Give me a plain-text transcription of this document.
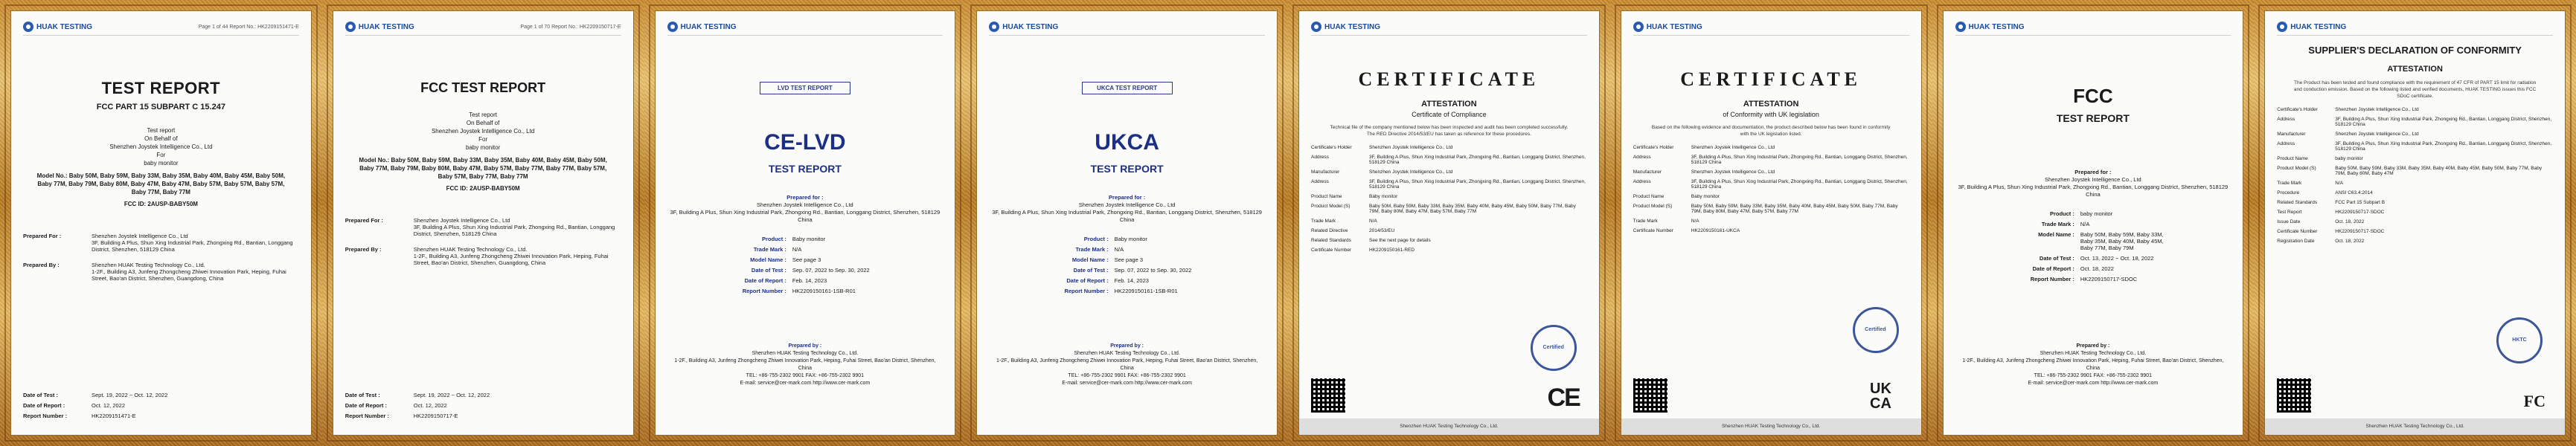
HUAK TESTING	Page 1 of 44 Report No.: HK2209151471-E
TEST REPORT
FCC PART 15 SUBPART C 15.247
Test report
On Behalf of
Shenzhen Joystek Intelligence Co., Ltd
For
baby monitor
Model No.: Baby 50M, Baby 59M, Baby 33M, Baby 35M, Baby 40M, Baby 45M, Baby 50M, Baby 77M, Baby 79M, Baby 80M, Baby 47M, Baby 47M, Baby 57M, Baby 57M, Baby 57M, Baby 77M, Baby 77M
FCC ID: 2AUSP-BABY50M
Prepared For :	Shenzhen Joystek Intelligence Co., Ltd
3F, Building A Plus, Shun Xing Industrial Park, Zhongxing Rd., Bantian, Longgang District, Shenzhen, 518129 China
Prepared By :	Shenzhen HUAK Testing Technology Co., Ltd.
1-2F., Building A3, Junfeng Zhongcheng Zhiwei Innovation Park, Heping, Fuhai Street, Bao'an District, Shenzhen, Guangdong, China
Date of Test :	Sept. 19, 2022 ~ Oct. 12, 2022
Date of Report :	Oct. 12, 2022
Report Number :	HK2209151471-E
HUAK TESTING	Page 1 of 70 Report No.: HK2209150717-E
FCC TEST REPORT
Test report
On Behalf of
Shenzhen Joystek Intelligence Co., Ltd
For
baby monitor
Model No.: Baby 50M, Baby 59M, Baby 33M, Baby 35M, Baby 40M, Baby 45M, Baby 50M, Baby 77M, Baby 79M, Baby 80M, Baby 47M, Baby 57M, Baby 77M, Baby 77M, Baby 57M, Baby 57M, Baby 77M, Baby 77M
FCC ID: 2AUSP-BABY50M
Prepared For :	Shenzhen Joystek Intelligence Co., Ltd
3F, Building A Plus, Shun Xing Industrial Park, Zhongxing Rd., Bantian, Longgang District, Shenzhen, 518129 China
Prepared By :	Shenzhen HUAK Testing Technology Co., Ltd.
1-2F., Building A3, Junfeng Zhongcheng Zhiwei Innovation Park, Heping, Fuhai Street, Bao'an District, Shenzhen, Guangdong, China
Date of Test :	Sept. 19, 2022 ~ Oct. 12, 2022
Date of Report :	Oct. 12, 2022
Report Number :	HK2209150717-E
HUAK TESTING
LVD TEST REPORT
CE-LVD
TEST REPORT
Prepared for :
Shenzhen Joystek Intelligence Co., Ltd
3F, Building A Plus, Shun Xing Industrial Park, Zhongxing Rd., Bantian, Longgang District, Shenzhen, 518129 China
Product :	Baby monitor
Trade Mark :	N/A
Model Name :	See page 3
Date of Test :	Sep. 07, 2022 to Sep. 30, 2022
Date of Report :	Feb. 14, 2023
Report Number :	HK2209150161-1SB-R01
Prepared by :
Shenzhen HUAK Testing Technology Co., Ltd.
1-2F., Building A3, Junfeng Zhongcheng Zhiwei Innovation Park, Heping, Fuhai Street, Bao'an District, Shenzhen, China
TEL: +86-755-2302 9901 FAX: +86-755-2302 9901
E-mail: service@cer-mark.com http://www.cer-mark.com
HUAK TESTING
UKCA TEST REPORT
UKCA
TEST REPORT
Prepared for :
Shenzhen Joystek Intelligence Co., Ltd
3F, Building A Plus, Shun Xing Industrial Park, Zhongxing Rd., Bantian, Longgang District, Shenzhen, 518129 China
Product :	Baby monitor
Trade Mark :	N/A
Model Name :	See page 3
Date of Test :	Sep. 07, 2022 to Sep. 30, 2022
Date of Report :	Feb. 14, 2023
Report Number :	HK2209150161-1SB-R01
Prepared by :
Shenzhen HUAK Testing Technology Co., Ltd.
1-2F., Building A3, Junfeng Zhongcheng Zhiwei Innovation Park, Heping, Fuhai Street, Bao'an District, Shenzhen, China
TEL: +86-755-2302 9901 FAX: +86-755-2302 9901
E-mail: service@cer-mark.com http://www.cer-mark.com
HUAK TESTING
CERTIFICATE
ATTESTATION
Certificate of Compliance
Technical file of the company mentioned below has been inspected and audit has been completed successfully. The RED Directive 2014/53/EU has taken as reference for these procedures.
Certificate's Holder	Shenzhen Joystek Intelligence Co., Ltd
Address	3F, Building A Plus, Shun Xing Industrial Park, Zhongxing Rd., Bantian, Longgang District, Shenzhen, 518129 China
Manufacturer	Shenzhen Joystek Intelligence Co., Ltd
Address	3F, Building A Plus, Shun Xing Industrial Park, Zhongxing Rd., Bantian, Longgang District, Shenzhen, 518129 China
Product Name	Baby monitor
Product Model (S)	Baby 50M, Baby 59M, Baby 33M, Baby 35M, Baby 40M, Baby 45M, Baby 50M, Baby 77M, Baby 79M, Baby 80M, Baby 47M, Baby 57M, Baby 77M
Trade Mark	N/A
Related Directive	2014/53/EU
Related Standards	See the next page for details
Certificate Number	HK2209150161-RED
Certified
CE
Shenzhen HUAK Testing Technology Co., Ltd.
HUAK TESTING
CERTIFICATE
ATTESTATION
of Conformity with UK legislation
Based on the following evidence and documentation, the product described below has been found in conformity with the UK legislation listed.
Certificate's Holder	Shenzhen Joystek Intelligence Co., Ltd
Address	3F, Building A Plus, Shun Xing Industrial Park, Zhongxing Rd., Bantian, Longgang District, Shenzhen, 518129 China
Manufacturer	Shenzhen Joystek Intelligence Co., Ltd
Address	3F, Building A Plus, Shun Xing Industrial Park, Zhongxing Rd., Bantian, Longgang District, Shenzhen, 518129 China
Product Name	Baby monitor
Product Model (S)	Baby 50M, Baby 59M, Baby 33M, Baby 35M, Baby 40M, Baby 45M, Baby 50M, Baby 77M, Baby 79M, Baby 80M, Baby 47M, Baby 57M, Baby 77M
Trade Mark	N/A
Certificate Number	HK2209150161-UKCA
Certified
UK
CA
Shenzhen HUAK Testing Technology Co., Ltd.
HUAK TESTING
FCC
TEST REPORT
Prepared for :
Shenzhen Joystek Intelligence Co., Ltd
3F, Building A Plus, Shun Xing Industrial Park, Zhongxing Rd., Bantian, Longgang District, Shenzhen, 518129 China
Product :	baby monitor
Trade Mark :	N/A
Model Name :	Baby 50M, Baby 59M, Baby 33M, Baby 35M, Baby 40M, Baby 45M, Baby 77M, Baby 79M
Date of Test :	Oct. 13, 2022 ~ Oct. 18, 2022
Date of Report :	Oct. 18, 2022
Report Number :	HK2209150717-SDOC
Prepared by :
Shenzhen HUAK Testing Technology Co., Ltd.
1-2F., Building A3, Junfeng Zhongcheng Zhiwei Innovation Park, Heping, Fuhai Street, Bao'an District, Shenzhen, China
TEL: +86-755-2302 9901 FAX: +86-755-2302 9901
E-mail: service@cer-mark.com http://www.cer-mark.com
HUAK TESTING
SUPPLIER'S DECLARATION OF CONFORMITY
ATTESTATION
The Product has been tested and found compliance with the requirement of 47 CFR of PART 15 limit for radiation and conduction emission. Based on the following listed and verified documents, HUAK TESTING issues this FCC SDoC certificate.
Certificate's Holder	Shenzhen Joystek Intelligence Co., Ltd
Address	3F, Building A Plus, Shun Xing Industrial Park, Zhongxing Rd., Bantian, Longgang District, Shenzhen, 518129 China
Manufacturer	Shenzhen Joystek Intelligence Co., Ltd
Address	3F, Building A Plus, Shun Xing Industrial Park, Zhongxing Rd., Bantian, Longgang District, Shenzhen, 518129 China
Product Name	baby monitor
Product Model (S)	Baby 50M, Baby 59M, Baby 33M, Baby 35M, Baby 40M, Baby 45M, Baby 50M, Baby 77M, Baby 79M, Baby 80M, Baby 47M
Trade Mark	N/A
Procedure	ANSI C63.4:2014
Related Standards	FCC Part 15 Subpart B
Test Report	HK2209150717-SDOC
Issue Date	Oct. 18, 2022
Certificate Number	HK2209150717-SDOC
Registration Date	Oct. 18, 2022
HKTC
FC
Shenzhen HUAK Testing Technology Co., Ltd.
